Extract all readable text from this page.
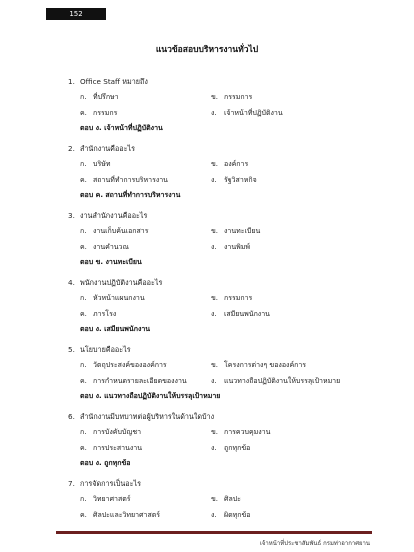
152
แนวข้อสอบบริหารงานทั่วไป
1. Office Staff หมายถึง
ก. ที่ปรึกษา	ข. กรรมการ
ค. กรรมกร	ง. เจ้าหน้าที่ปฏิบัติงาน
ตอบ ง. เจ้าหน้าที่ปฏิบัติงาน
2. สำนักงานคืออะไร
ก. บริษัท	ข. องค์การ
ค. สถานที่ทำการบริหารงาน	ง. รัฐวิสาหกิจ
ตอบ ค. สถานที่ทำการบริหารงาน
3. งานสำนักงานคืออะไร
ก. งานเก็บค้นเอกสาร	ข. งานทะเบียน
ค. งานคำนวณ	ง. งานพิมพ์
ตอบ ข. งานทะเบียน
4. พนักงานปฏิบัติงานคืออะไร
ก. หัวหน้าแผนกงาน	ข. กรรมการ
ค. ภารโรง	ง. เสมียนพนักงาน
ตอบ ง. เสมียนพนักงาน
5. นโยบายคืออะไร
ก. วัตถุประสงค์ขององค์การ	ข. โครงการต่างๆ ขององค์การ
ค. การกำหนดรายละเอียดของงาน	ง. แนวทางถือปฏิบัติงานให้บรรลุเป้าหมาย
ตอบ ง. แนวทางถือปฏิบัติงานให้บรรลุเป้าหมาย
6. สำนักงานมีบทบาทต่อผู้บริหารในด้านใดบ้าง
ก. การบังคับบัญชา	ข. การควบคุมงาน
ค. การประสานงาน	ง. ถูกทุกข้อ
ตอบ ง. ถูกทุกข้อ
7. การจัดการเป็นอะไร
ก. วิทยาศาสตร์	ข. ศิลปะ
ค. ศิลปะและวิทยาศาสตร์	ง. ผิดทุกข้อ
เจ้าหน้าที่ประชาสัมพันธ์ กรมท่าอากาศยาน
